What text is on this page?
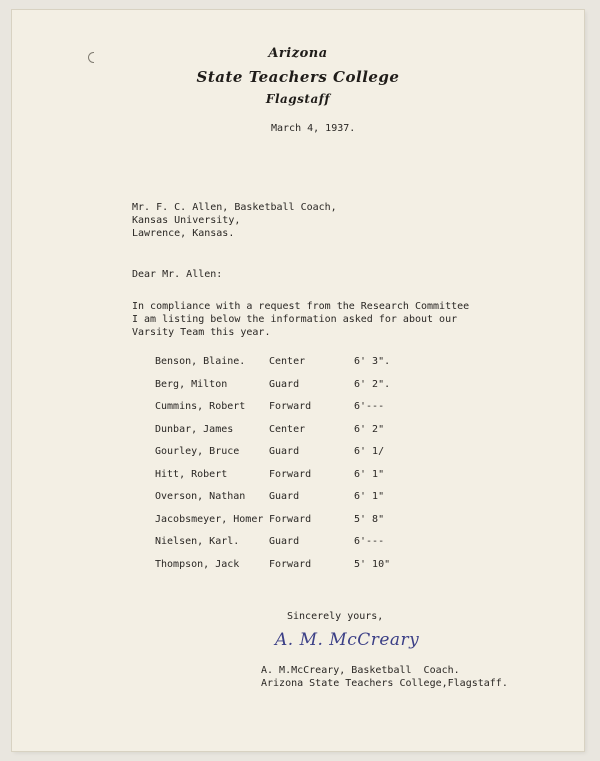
Arizona
State Teachers College
Flagstaff
March 4, 1937.
Mr. F. C. Allen, Basketball Coach,
Kansas University,
Lawrence, Kansas.
Dear Mr. Allen:
In compliance with a request from the Research Committee
I am listing below the information asked for about our
Varsity Team this year.
Benson, Blaine. Center	6' 3".
Berg, Milton	Guard	6' 2".
Cummins, Robert Forward	6'---
Dunbar, James	Center	6' 2"
Gourley, Bruce	Guard	6' 1/
Hitt, Robert	Forward	6' 1"
Overson, Nathan Guard	6' 1"
Jacobsmeyer, Homer Forward	5' 8"
Nielsen, Karl.	Guard	6'---
Thompson, Jack	Forward	5' 10"
Sincerely yours,
A. M. McCreary
A. M.McCreary, Basketball  Coach.
Arizona State Teachers College,Flagstaff.
